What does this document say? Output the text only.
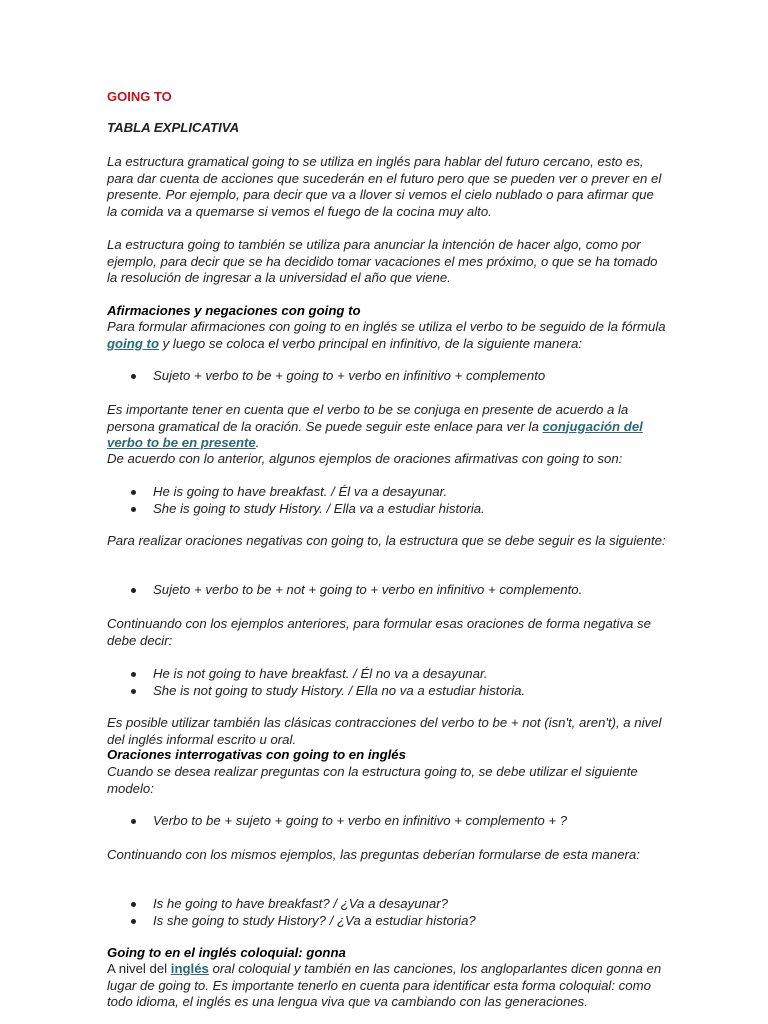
GOING TO

TABLA EXPLICATIVA

La estructura gramatical going to se utiliza en inglés para hablar del futuro cercano, esto es, para dar cuenta de acciones que sucederán en el futuro pero que se pueden ver o prever en el presente. Por ejemplo, para decir que va a llover si vemos el cielo nublado o para afirmar que la comida va a quemarse si vemos el fuego de la cocina muy alto.

La estructura going to también se utiliza para anunciar la intención de hacer algo, como por ejemplo, para decir que se ha decidido tomar vacaciones el mes próximo, o que se ha tomado la resolución de ingresar a la universidad el año que viene.

Afirmaciones y negaciones con going to

Para formular afirmaciones con going to en inglés se utiliza el verbo to be seguido de la fórmula going to y luego se coloca el verbo principal en infinitivo, de la siguiente manera:

Sujeto + verbo to be + going to + verbo en infinitivo + complemento

Es importante tener en cuenta que el verbo to be se conjuga en presente de acuerdo a la persona gramatical de la oración. Se puede seguir este enlace para ver la conjugación del verbo to be en presente.

De acuerdo con lo anterior, algunos ejemplos de oraciones afirmativas con going to son:

He is going to have breakfast. / Él va a desayunar.
She is going to study History. / Ella va a estudiar historia.

Para realizar oraciones negativas con going to, la estructura que se debe seguir es la siguiente:

Sujeto + verbo to be + not + going to + verbo en infinitivo + complemento.

Continuando con los ejemplos anteriores, para formular esas oraciones de forma negativa se debe decir:

He is not going to have breakfast. / Él no va a desayunar.
She is not going to study History. / Ella no va a estudiar historia.

Es posible utilizar también las clásicas contracciones del verbo to be + not (isn't, aren't), a nivel del inglés informal escrito u oral.

Oraciones interrogativas con going to en inglés

Cuando se desea realizar preguntas con la estructura going to, se debe utilizar el siguiente modelo:

Verbo to be + sujeto + going to + verbo en infinitivo + complemento + ?

Continuando con los mismos ejemplos, las preguntas deberían formularse de esta manera:

Is he going to have breakfast? / ¿Va a desayunar?
Is she going to study History? / ¿Va a estudiar historia?

Going to en el inglés coloquial: gonna

A nivel del inglés oral coloquial y también en las canciones, los angloparlantes dicen gonna en lugar de going to. Es importante tenerlo en cuenta para identificar esta forma coloquial: como todo idioma, el inglés es una lengua viva que va cambiando con las generaciones.
